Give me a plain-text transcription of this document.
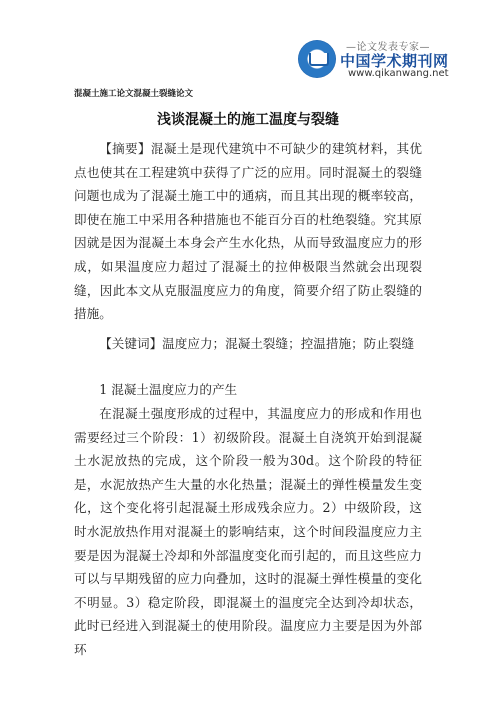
—论文发表专家—
中国学术期刊网
www.qikanwang.net
混凝土施工论文混凝土裂缝论文
浅谈混凝土的施工温度与裂缝

【摘要】混凝土是现代建筑中不可缺少的建筑材料，其优点也使其在工程建筑中获得了广泛的应用。同时混凝土的裂缝问题也成为了混凝土施工中的通病，而且其出现的概率较高，即使在施工中采用各种措施也不能百分百的杜绝裂缝。究其原因就是因为混凝土本身会产生水化热，从而导致温度应力的形成，如果温度应力超过了混凝土的拉伸极限当然就会出现裂缝，因此本文从克服温度应力的角度，简要介绍了防止裂缝的措施。

【关键词】温度应力；混凝土裂缝；控温措施；防止裂缝

1 混凝土温度应力的产生

在混凝土强度形成的过程中，其温度应力的形成和作用也需要经过三个阶段：1）初级阶段。混凝土自浇筑开始到混凝土水泥放热的完成，这个阶段一般为30d。这个阶段的特征是，水泥放热产生大量的水化热量；混凝土的弹性模量发生变化，这个变化将引起混凝土形成残余应力。2）中级阶段，这时水泥放热作用对混凝土的影响结束，这个时间段温度应力主要是因为混凝土冷却和外部温度变化而引起的，而且这些应力可以与早期残留的应力向叠加，这时的混凝土弹性模量的变化不明显。3）稳定阶段，即混凝土的温度完全达到冷却状态，此时已经进入到混凝土的使用阶段。温度应力主要是因为外部环
